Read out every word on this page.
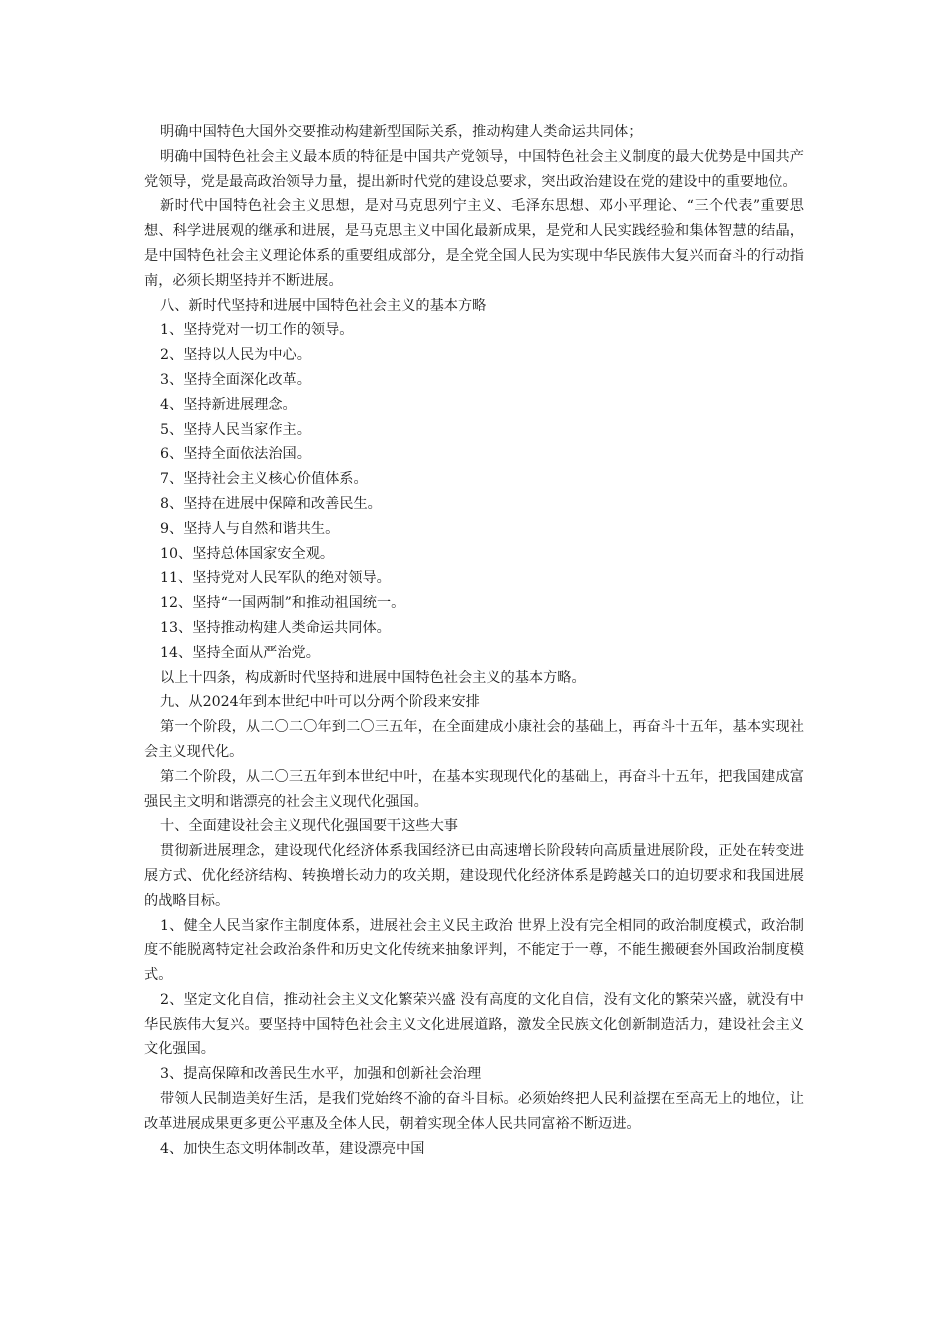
明确中国特色大国外交要推动构建新型国际关系，推动构建人类命运共同体；

明确中国特色社会主义最本质的特征是中国共产党领导，中国特色社会主义制度的最大优势是中国共产党领导，党是最高政治领导力量，提出新时代党的建设总要求，突出政治建设在党的建设中的重要地位。

新时代中国特色社会主义思想，是对马克思列宁主义、毛泽东思想、邓小平理论、“三个代表”重要思想、科学进展观的继承和进展，是马克思主义中国化最新成果，是党和人民实践经验和集体智慧的结晶，是中国特色社会主义理论体系的重要组成部分，是全党全国人民为实现中华民族伟大复兴而奋斗的行动指南，必须长期坚持并不断进展。

八、新时代坚持和进展中国特色社会主义的基本方略

1、坚持党对一切工作的领导。

2、坚持以人民为中心。

3、坚持全面深化改革。

4、坚持新进展理念。

5、坚持人民当家作主。

6、坚持全面依法治国。

7、坚持社会主义核心价值体系。

8、坚持在进展中保障和改善民生。

9、坚持人与自然和谐共生。

10、坚持总体国家安全观。

11、坚持党对人民军队的绝对领导。

12、坚持“一国两制”和推动祖国统一。

13、坚持推动构建人类命运共同体。

14、坚持全面从严治党。

以上十四条，构成新时代坚持和进展中国特色社会主义的基本方略。

九、从2024年到本世纪中叶可以分两个阶段来安排

第一个阶段，从二〇二〇年到二〇三五年，在全面建成小康社会的基础上，再奋斗十五年，基本实现社会主义现代化。

第二个阶段，从二〇三五年到本世纪中叶，在基本实现现代化的基础上，再奋斗十五年，把我国建成富强民主文明和谐漂亮的社会主义现代化强国。

十、全面建设社会主义现代化强国要干这些大事

贯彻新进展理念，建设现代化经济体系我国经济已由高速增长阶段转向高质量进展阶段，正处在转变进展方式、优化经济结构、转换增长动力的攻关期，建设现代化经济体系是跨越关口的迫切要求和我国进展的战略目标。

1、健全人民当家作主制度体系，进展社会主义民主政治 世界上没有完全相同的政治制度模式，政治制度不能脱离特定社会政治条件和历史文化传统来抽象评判，不能定于一尊，不能生搬硬套外国政治制度模式。

2、坚定文化自信，推动社会主义文化繁荣兴盛 没有高度的文化自信，没有文化的繁荣兴盛，就没有中华民族伟大复兴。要坚持中国特色社会主义文化进展道路，激发全民族文化创新制造活力，建设社会主义文化强国。

3、提高保障和改善民生水平，加强和创新社会治理

带领人民制造美好生活，是我们党始终不渝的奋斗目标。必须始终把人民利益摆在至高无上的地位，让改革进展成果更多更公平惠及全体人民，朝着实现全体人民共同富裕不断迈进。

4、加快生态文明体制改革，建设漂亮中国
